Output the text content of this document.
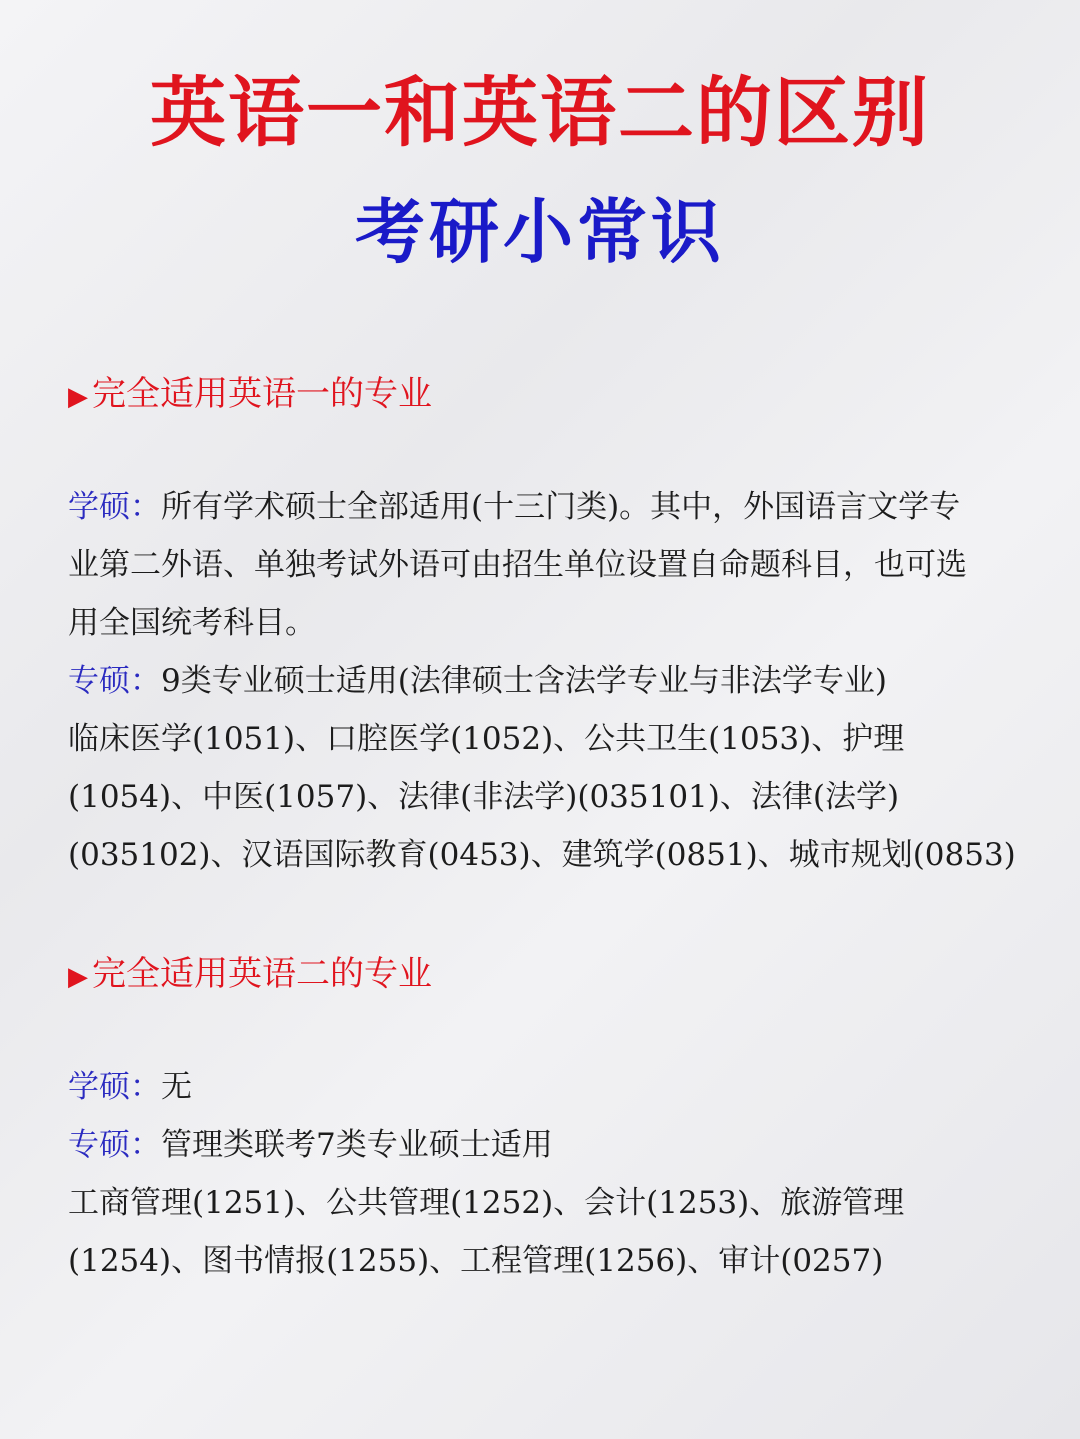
英语一和英语二的区别
考研小常识
▶ 完全适用英语一的专业
学硕：所有学术硕士全部适用(十三门类)。其中，外国语言文学专
业第二外语、单独考试外语可由招生单位设置自命题科目，也可选
用全国统考科目。
专硕：9类专业硕士适用(法律硕士含法学专业与非法学专业)
临床医学(1051)、口腔医学(1052)、公共卫生(1053)、护理
(1054)、中医(1057)、法律(非法学)(035101)、法律(法学)
(035102)、汉语国际教育(0453)、建筑学(0851)、城市规划(0853)
▶ 完全适用英语二的专业
学硕：无
专硕：管理类联考7类专业硕士适用
工商管理(1251)、公共管理(1252)、会计(1253)、旅游管理
(1254)、图书情报(1255)、工程管理(1256)、审计(0257)
